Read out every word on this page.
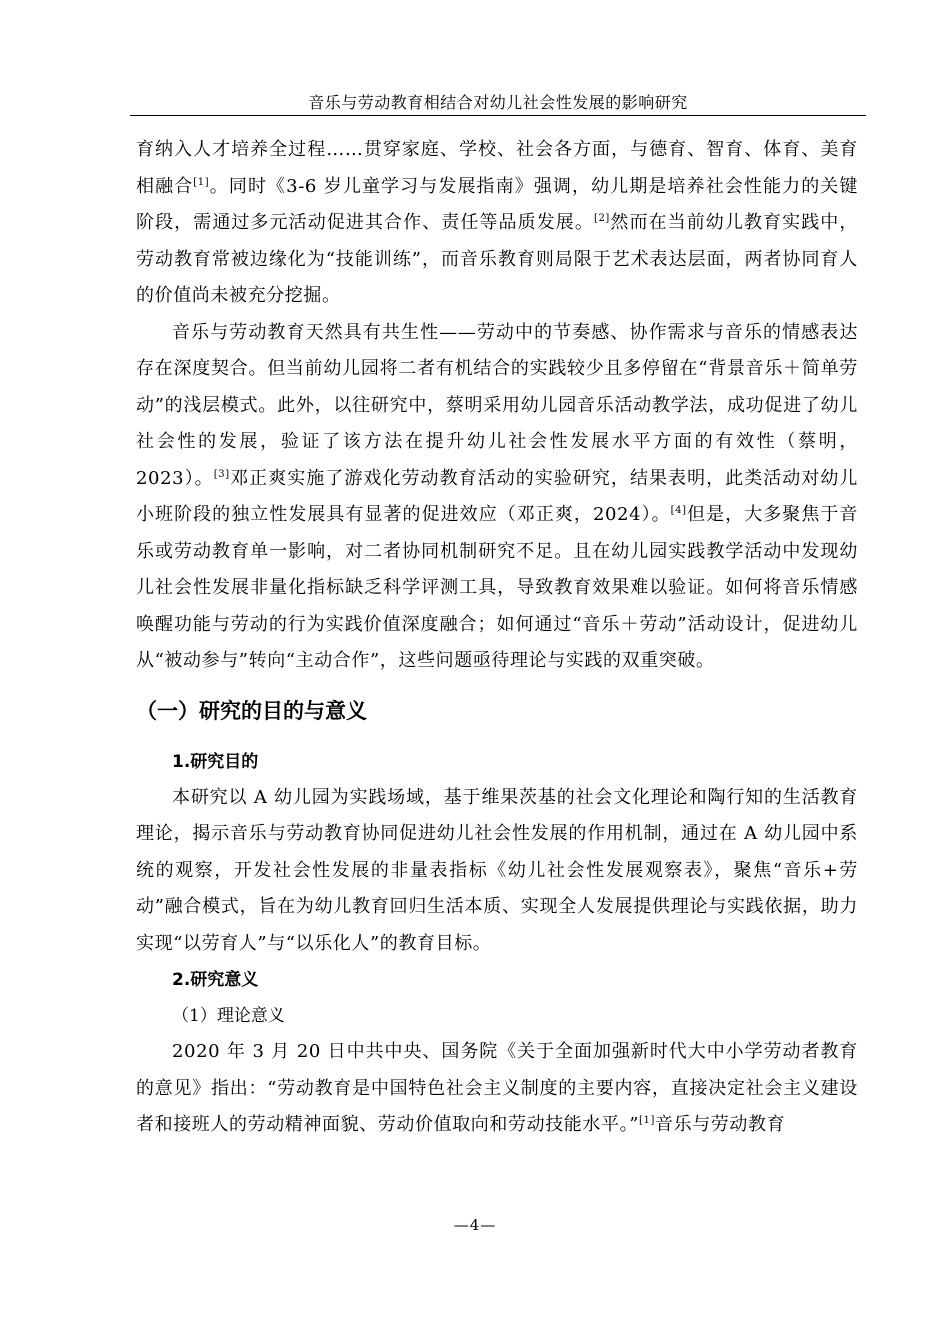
音乐与劳动教育相结合对幼儿社会性发展的影响研究

育纳入人才培养全过程……贯穿家庭、学校、社会各方面，与德育、智育、体育、美育相融合[1]。同时《3-6 岁儿童学习与发展指南》强调，幼儿期是培养社会性能力的关键阶段，需通过多元活动促进其合作、责任等品质发展。[2]然而在当前幼儿教育实践中，劳动教育常被边缘化为“技能训练”，而音乐教育则局限于艺术表达层面，两者协同育人的价值尚未被充分挖掘。

音乐与劳动教育天然具有共生性——劳动中的节奏感、协作需求与音乐的情感表达存在深度契合。但当前幼儿园将二者有机结合的实践较少且多停留在“背景音乐＋简单劳动”的浅层模式。此外，以往研究中，蔡明采用幼儿园音乐活动教学法，成功促进了幼儿社会性的发展，验证了该方法在提升幼儿社会性发展水平方面的有效性（蔡明，2023）。[3]邓正爽实施了游戏化劳动教育活动的实验研究，结果表明，此类活动对幼儿小班阶段的独立性发展具有显著的促进效应（邓正爽，2024）。[4]但是，大多聚焦于音乐或劳动教育单一影响，对二者协同机制研究不足。且在幼儿园实践教学活动中发现幼儿社会性发展非量化指标缺乏科学评测工具，导致教育效果难以验证。如何将音乐情感唤醒功能与劳动的行为实践价值深度融合；如何通过“音乐＋劳动”活动设计，促进幼儿从“被动参与”转向“主动合作”，这些问题亟待理论与实践的双重突破。

（一）研究的目的与意义
1.研究目的

本研究以 A 幼儿园为实践场域，基于维果茨基的社会文化理论和陶行知的生活教育理论，揭示音乐与劳动教育协同促进幼儿社会性发展的作用机制，通过在 A 幼儿园中系统的观察，开发社会性发展的非量表指标《幼儿社会性发展观察表》，聚焦“音乐+劳动”融合模式，旨在为幼儿教育回归生活本质、实现全人发展提供理论与实践依据，助力实现“以劳育人”与“以乐化人”的教育目标。

2.研究意义
（1）理论意义

2020 年 3 月 20 日中共中央、国务院《关于全面加强新时代大中小学劳动者教育的意见》指出：“劳动教育是中国特色社会主义制度的主要内容，直接决定社会主义建设者和接班人的劳动精神面貌、劳动价值取向和劳动技能水平。”[1]音乐与劳动教育

—4—
